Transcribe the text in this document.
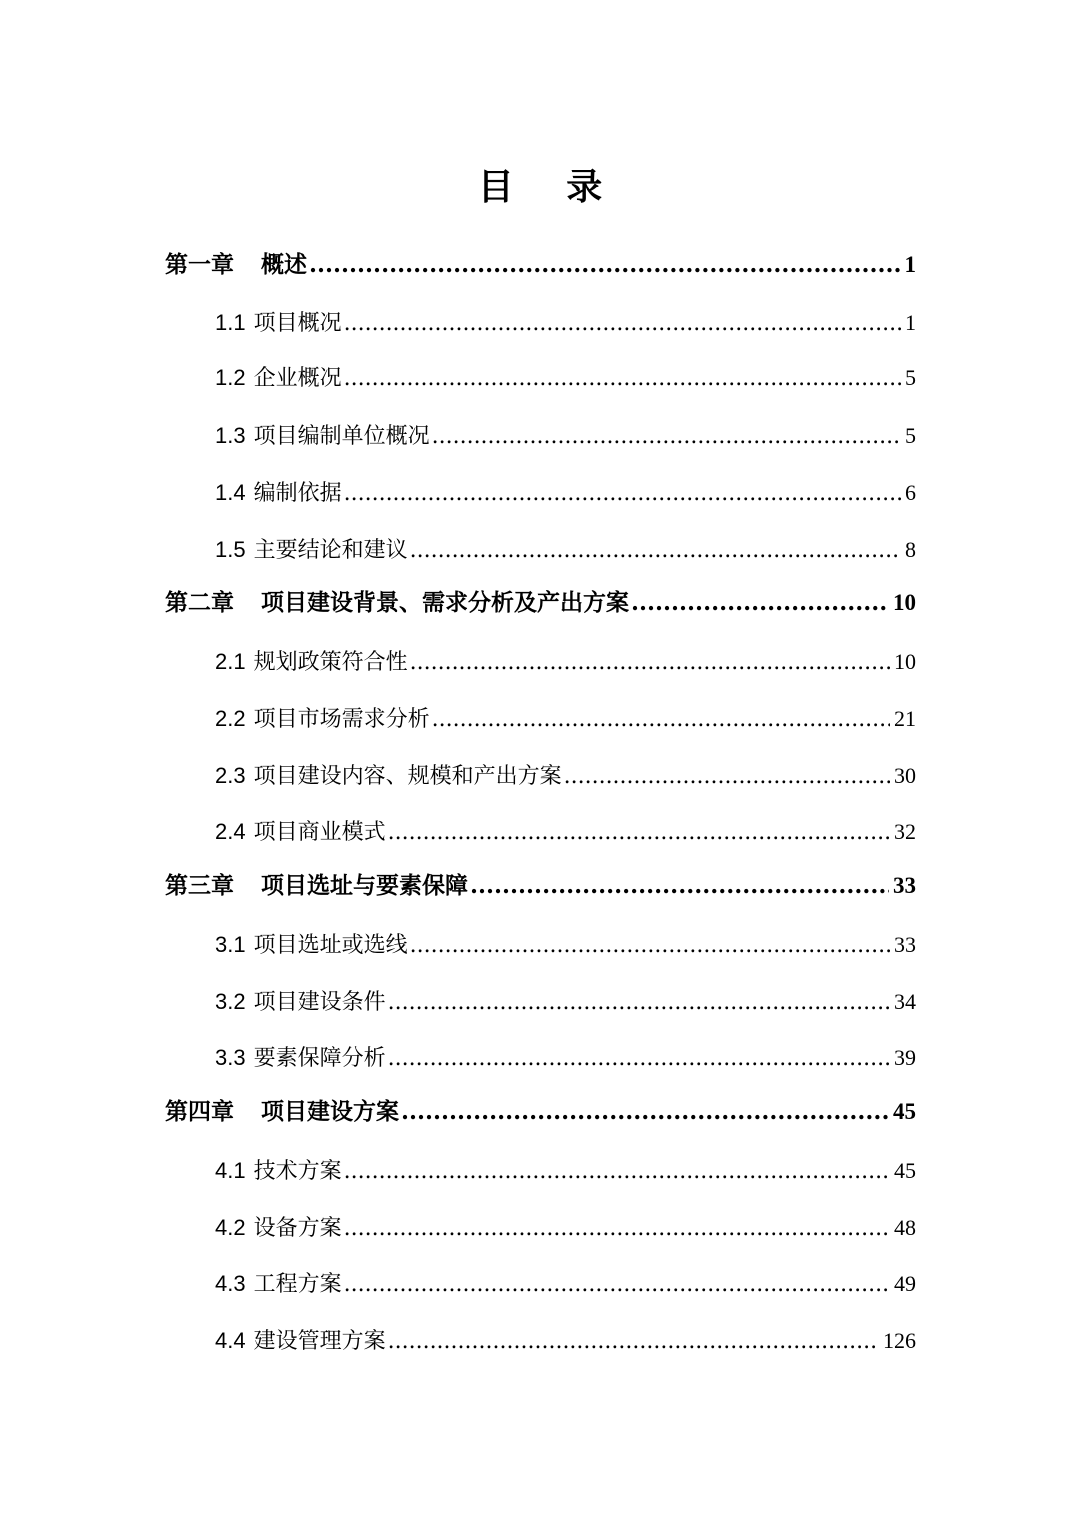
目 录
第一章 概述 .....	1
1.1 项目概况 .....	1
1.2 企业概况 .....	5
1.3 项目编制单位概况 .....	5
1.4 编制依据 .....	6
1.5 主要结论和建议 .....	8
第二章 项目建设背景、需求分析及产出方案 .....	10
2.1 规划政策符合性 .....	10
2.2 项目市场需求分析 .....	21
2.3 项目建设内容、规模和产出方案 .....	30
2.4 项目商业模式 .....	32
第三章 项目选址与要素保障 .....	33
3.1 项目选址或选线 .....	33
3.2 项目建设条件 .....	34
3.3 要素保障分析 .....	39
第四章 项目建设方案 .....	45
4.1 技术方案 .....	45
4.2 设备方案 .....	48
4.3 工程方案 .....	49
4.4 建设管理方案 .....	126
